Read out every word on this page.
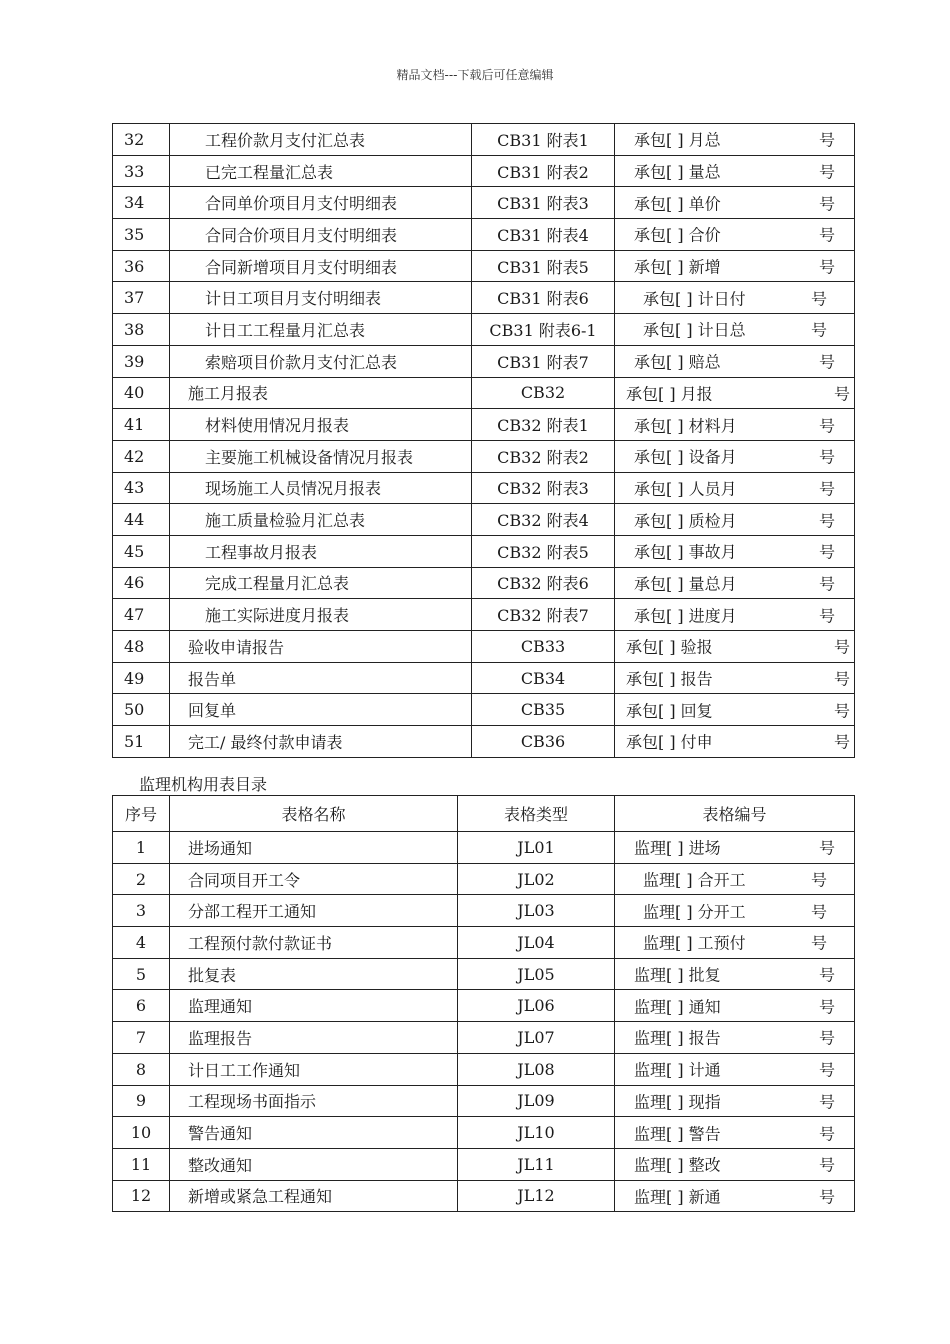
精品文档---下载后可任意编辑
32	工程价款月支付汇总表	CB31 附表1	承包[ ] 月总 号

33	已完工程量汇总表	CB31 附表2	承包[ ] 量总 号

34	合同单价项目月支付明细表	CB31 附表3	承包[ ] 单价 号

35	合同合价项目月支付明细表	CB31 附表4	承包[ ] 合价 号

36	合同新增项目月支付明细表	CB31 附表5	承包[ ] 新增 号

37	计日工项目月支付明细表	CB31 附表6	承包[ ] 计日付 号

38	计日工工程量月汇总表	CB31 附表6-1	承包[ ] 计日总 号

39	索赔项目价款月支付汇总表	CB31 附表7	承包[ ] 赔总 号

40	施工月报表	CB32	承包[ ] 月报 号

41	材料使用情况月报表	CB32 附表1	承包[ ] 材料月 号

42	主要施工机械设备情况月报表	CB32 附表2	承包[ ] 设备月 号

43	现场施工人员情况月报表	CB32 附表3	承包[ ] 人员月 号

44	施工质量检验月汇总表	CB32 附表4	承包[ ] 质检月 号

45	工程事故月报表	CB32 附表5	承包[ ] 事故月 号

46	完成工程量月汇总表	CB32 附表6	承包[ ] 量总月 号

47	施工实际进度月报表	CB32 附表7	承包[ ] 进度月 号

48	验收申请报告	CB33	承包[ ] 验报 号

49	报告单	CB34	承包[ ] 报告 号

50	回复单	CB35	承包[ ] 回复 号

51	完工/ 最终付款申请表	CB36	承包[ ] 付申 号
监理机构用表目录
序号	表格名称	表格类型	表格编号
1	进场通知	JL01	监理[ ] 进场 号

2	合同项目开工令	JL02	监理[ ] 合开工 号

3	分部工程开工通知	JL03	监理[ ] 分开工 号

4	工程预付款付款证书	JL04	监理[ ] 工预付 号

5	批复表	JL05	监理[ ] 批复 号

6	监理通知	JL06	监理[ ] 通知 号

7	监理报告	JL07	监理[ ] 报告 号

8	计日工工作通知	JL08	监理[ ] 计通 号

9	工程现场书面指示	JL09	监理[ ] 现指 号

10	警告通知	JL10	监理[ ] 警告 号

11	整改通知	JL11	监理[ ] 整改 号

12	新增或紧急工程通知	JL12	监理[ ] 新通 号
